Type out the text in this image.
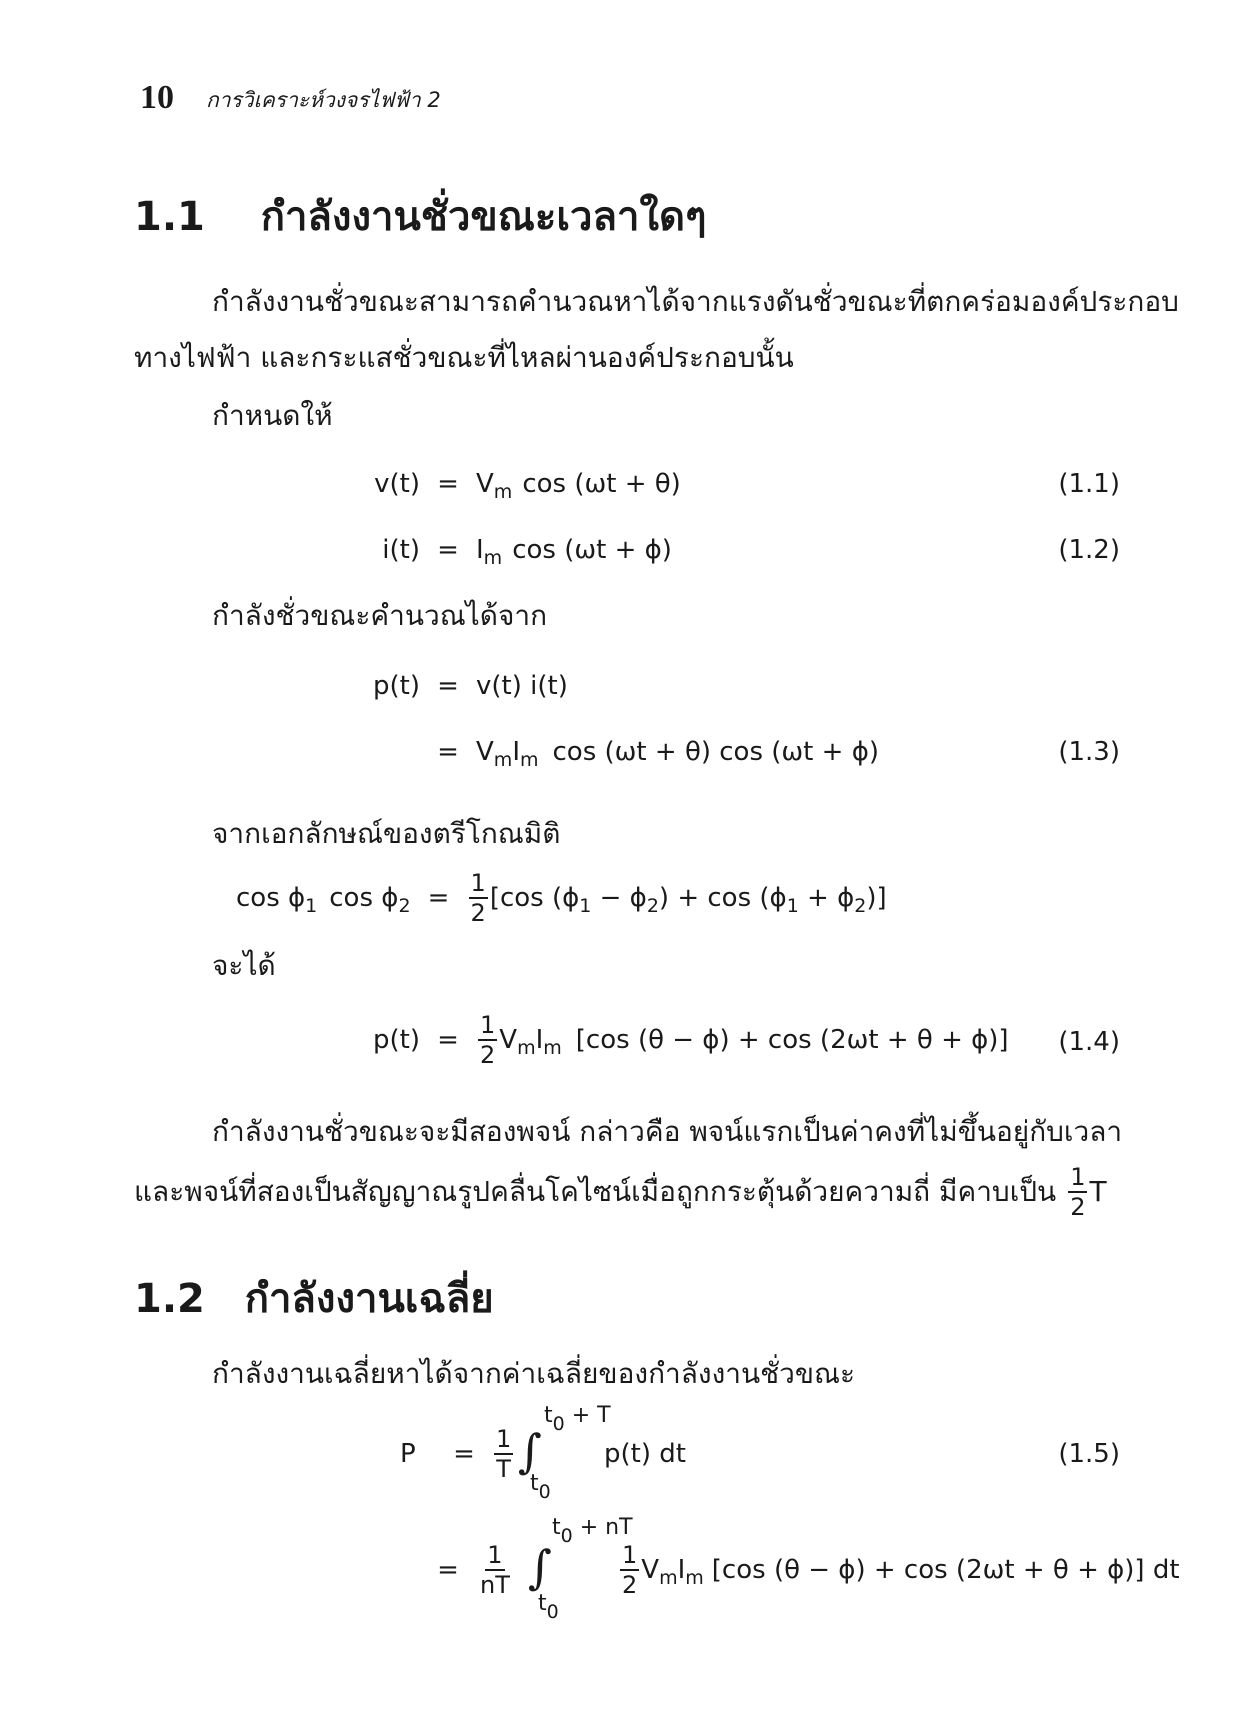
10 การวิเคราะห์วงจรไฟฟ้า 2
1.1 กำลังงานชั่วขณะเวลาใดๆ
กำลังงานชั่วขณะสามารถคำนวณหาได้จากแรงดันชั่วขณะที่ตกคร่อมองค์ประกอบ
ทางไฟฟ้า และกระแสชั่วขณะที่ไหลผ่านองค์ประกอบนั้น
กำหนดให้
v(t) = V m cos (ωt + θ)	(1.1)
i(t) = I m cos (ωt + ϕ)	(1.2)
กำลังชั่วขณะคำนวณได้จาก
p(t) = v(t) i(t)
= V m I m cos (ωt + θ) cos (ωt + ϕ)	(1.3)
จากเอกลักษณ์ของตรีโกณมิติ
cos ϕ 1 cos ϕ $2 = \frac{1}{2} [\cos$ (ϕ 1 − ϕ 2 ) + cos (ϕ 1 + ϕ 2 )]
จะได้
$p(t) = \frac{1}{2}$ V m I m [cos (θ − ϕ) + cos (2ωt + θ + ϕ)] (1.4)
กำลังงานชั่วขณะจะมีสองพจน์ กล่าวคือ พจน์แรกเป็นค่าคงที่ไม่ขึ้นอยู่กับเวลา
และพจน์ที่สองเป็นสัญญาณรูปคลื่นโคไซน์เมื่อถูกกระตุ้นด้วยความถี่ มีคาบเป็น $\frac{1}{2}$ T
1.2 กำลังงานเฉลี่ย
กำลังงานเฉลี่ยหาได้จากค่าเฉลี่ยของกำลังงานชั่วขณะ
P	= $\frac{1}{T}$ ∫
t0 + T
t0
p(t) dt	(1.5)
= $\frac{1}{nT}$ ∫
t0 + nT
t0
$\frac{1}{2}$ V m I m [cos (θ − ϕ) + cos (2ωt + θ + ϕ)] dt
